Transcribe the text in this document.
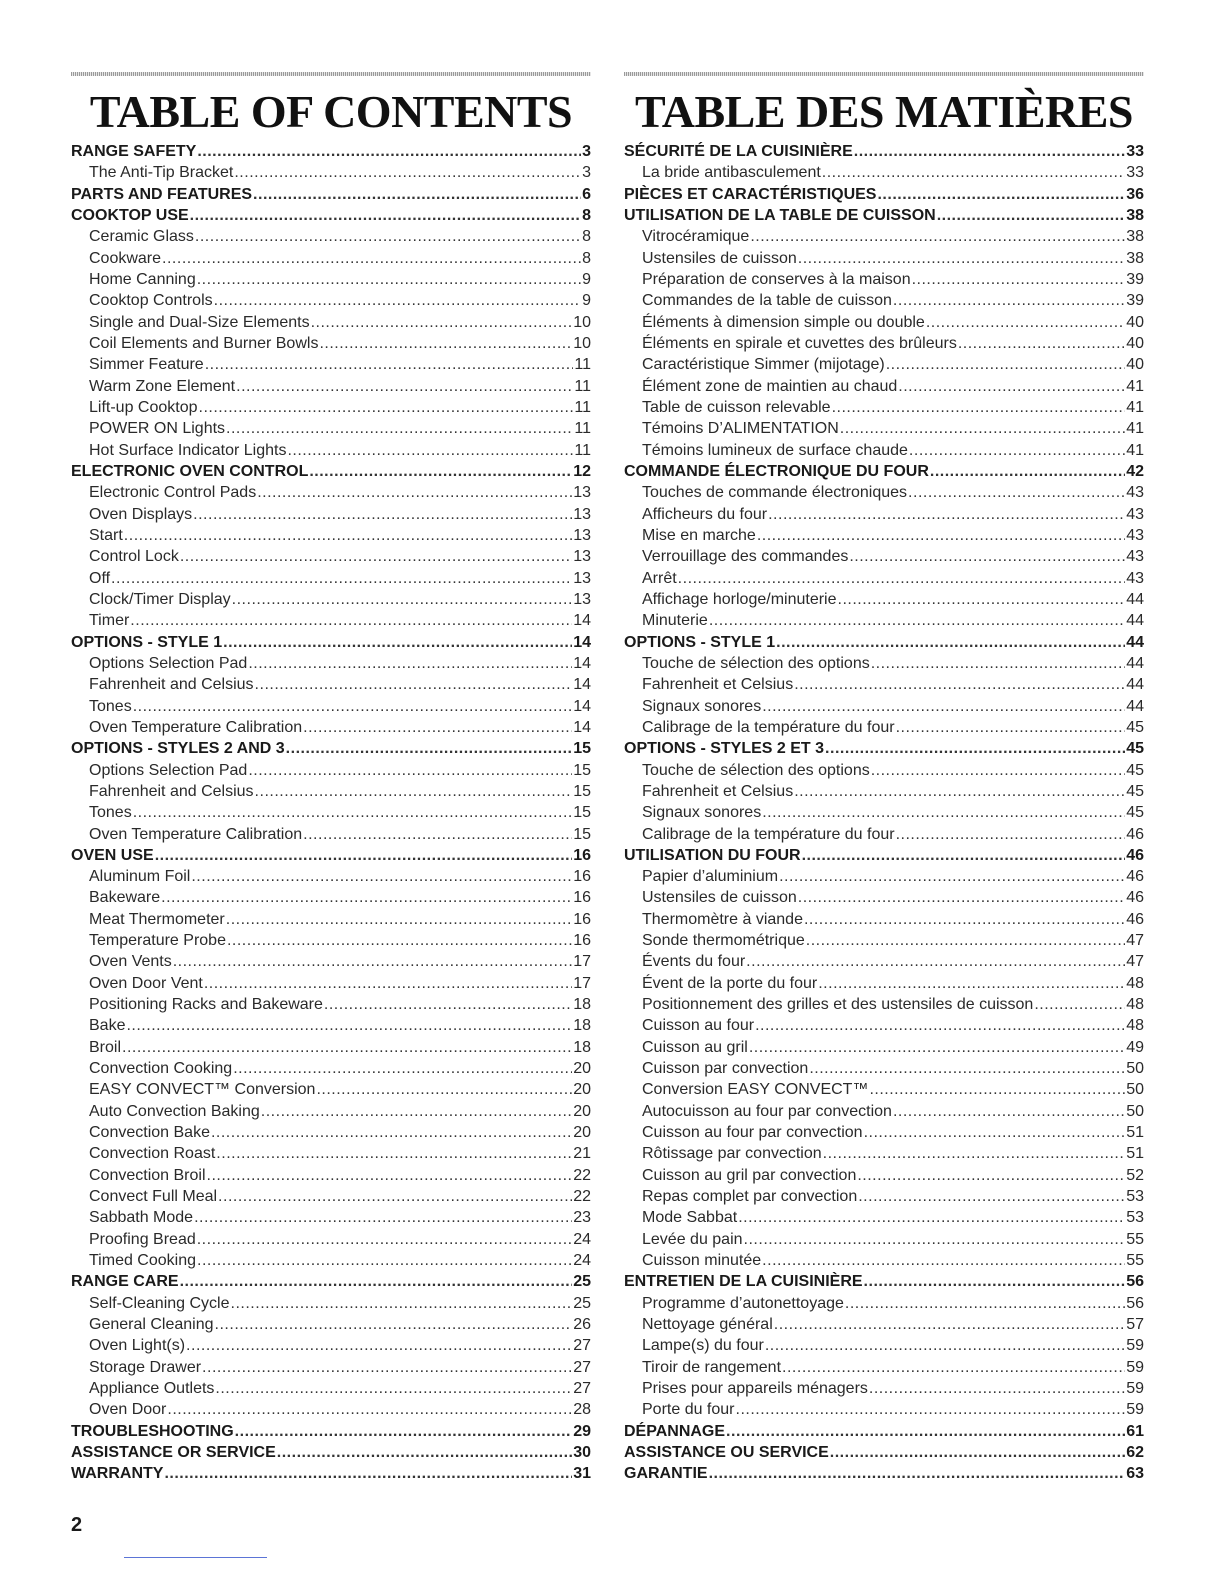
TABLE OF CONTENTS
RANGE SAFETY .....	3
The Anti-Tip Bracket .....	3
PARTS AND FEATURES .....	6
COOKTOP USE .....	8
Ceramic Glass .....	8
Cookware .....	8
Home Canning .....	9
Cooktop Controls .....	9
Single and Dual-Size Elements .....	10
Coil Elements and Burner Bowls .....	10
Simmer Feature .....	11
Warm Zone Element .....	11
Lift-up Cooktop .....	11
POWER ON Lights .....	11
Hot Surface Indicator Lights .....	11
ELECTRONIC OVEN CONTROL .....	12
Electronic Control Pads .....	13
Oven Displays .....	13
Start .....	13
Control Lock .....	13
Off .....	13
Clock/Timer Display .....	13
Timer .....	14
OPTIONS - STYLE 1 .....	14
Options Selection Pad .....	14
Fahrenheit and Celsius .....	14
Tones .....	14
Oven Temperature Calibration .....	14
OPTIONS - STYLES 2 AND 3 .....	15
Options Selection Pad .....	15
Fahrenheit and Celsius .....	15
Tones .....	15
Oven Temperature Calibration .....	15
OVEN USE .....	16
Aluminum Foil .....	16
Bakeware .....	16
Meat Thermometer .....	16
Temperature Probe .....	16
Oven Vents .....	17
Oven Door Vent .....	17
Positioning Racks and Bakeware .....	18
Bake .....	18
Broil .....	18
Convection Cooking .....	20
EASY CONVECT™ Conversion .....	20
Auto Convection Baking .....	20
Convection Bake .....	20
Convection Roast .....	21
Convection Broil .....	22
Convect Full Meal .....	22
Sabbath Mode .....	23
Proofing Bread .....	24
Timed Cooking .....	24
RANGE CARE .....	25
Self-Cleaning Cycle .....	25
General Cleaning .....	26
Oven Light(s) .....	27
Storage Drawer .....	27
Appliance Outlets .....	27
Oven Door .....	28
TROUBLESHOOTING .....	29
ASSISTANCE OR SERVICE .....	30
WARRANTY .....	31
TABLE DES MATIÈRES
SÉCURITÉ DE LA CUISINIÈRE .....	33
La bride antibasculement .....	33
PIÈCES ET CARACTÉRISTIQUES .....	36
UTILISATION DE LA TABLE DE CUISSON .....	38
Vitrocéramique .....	38
Ustensiles de cuisson .....	38
Préparation de conserves à la maison .....	39
Commandes de la table de cuisson .....	39
Éléments à dimension simple ou double .....	40
Éléments en spirale et cuvettes des brûleurs .....	40
Caractéristique Simmer (mijotage) .....	40
Élément zone de maintien au chaud .....	41
Table de cuisson relevable .....	41
Témoins D’ALIMENTATION .....	41
Témoins lumineux de surface chaude .....	41
COMMANDE ÉLECTRONIQUE DU FOUR .....	42
Touches de commande électroniques .....	43
Afficheurs du four .....	43
Mise en marche .....	43
Verrouillage des commandes .....	43
Arrêt .....	43
Affichage horloge/minuterie .....	44
Minuterie .....	44
OPTIONS - STYLE 1 .....	44
Touche de sélection des options .....	44
Fahrenheit et Celsius .....	44
Signaux sonores .....	44
Calibrage de la température du four .....	45
OPTIONS - STYLES 2 ET 3 .....	45
Touche de sélection des options .....	45
Fahrenheit et Celsius .....	45
Signaux sonores .....	45
Calibrage de la température du four .....	46
UTILISATION DU FOUR .....	46
Papier d’aluminium .....	46
Ustensiles de cuisson .....	46
Thermomètre à viande .....	46
Sonde thermométrique .....	47
Évents du four .....	47
Évent de la porte du four .....	48
Positionnement des grilles et des ustensiles de cuisson .....	48
Cuisson au four .....	48
Cuisson au gril .....	49
Cuisson par convection .....	50
Conversion EASY CONVECT™ .....	50
Autocuisson au four par convection .....	50
Cuisson au four par convection .....	51
Rôtissage par convection .....	51
Cuisson au gril par convection .....	52
Repas complet par convection .....	53
Mode Sabbat .....	53
Levée du pain .....	55
Cuisson minutée .....	55
ENTRETIEN DE LA CUISINIÈRE .....	56
Programme d’autonettoyage .....	56
Nettoyage général .....	57
Lampe(s) du four .....	59
Tiroir de rangement .....	59
Prises pour appareils ménagers .....	59
Porte du four .....	59
DÉPANNAGE .....	61
ASSISTANCE OU SERVICE .....	62
GARANTIE .....	63
2
